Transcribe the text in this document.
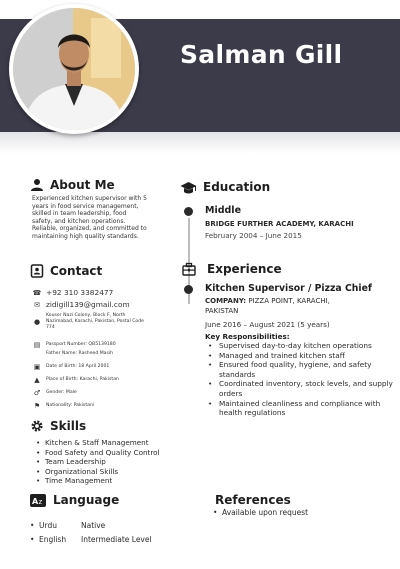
Salman Gill
About Me
Experienced kitchen supervisor with 5 years in food service management, skilled in team leadership, food safety, and kitchen operations. Reliable, organized, and committed to maintaining high quality standards.
Contact
☎ +92 310 3382477
✉ zidigill139@gmail.com
●
Kouser Nazi Colony, Block F, North Nazimabad, Karachi, Pakistan, Postal Code 774
▤	Passport Number: QB5139180
Father Name: Rasheed Masih
▣	Date of Birth: 18 April 2001
▲	Place of Birth: Karachi, Pakistan
♂	Gender: Male
⚑	Nationality: Pakistani
Skills
• Kitchen & Staff Management
• Food Safety and Quality Control
• Team Leadership
• Organizational Skills
• Time Management
A z Language
• Urdu	Native
• English	Intermediate Level
Education
Middle
BRIDGE FURTHER ACADEMY, KARACHI
February 2004 – June 2015
Experience
Kitchen Supervisor / Pizza Chief
COMPANY: PIZZA POINT, KARACHI, PAKISTAN
June 2016 – August 2021 (5 years)
Key Responsibilities:
• Supervised day-to-day kitchen operations
• Managed and trained kitchen staff
• Ensured food quality, hygiene, and safety standards
• Coordinated inventory, stock levels, and supply orders
• Maintained cleanliness and compliance with health regulations
References
• Available upon request
